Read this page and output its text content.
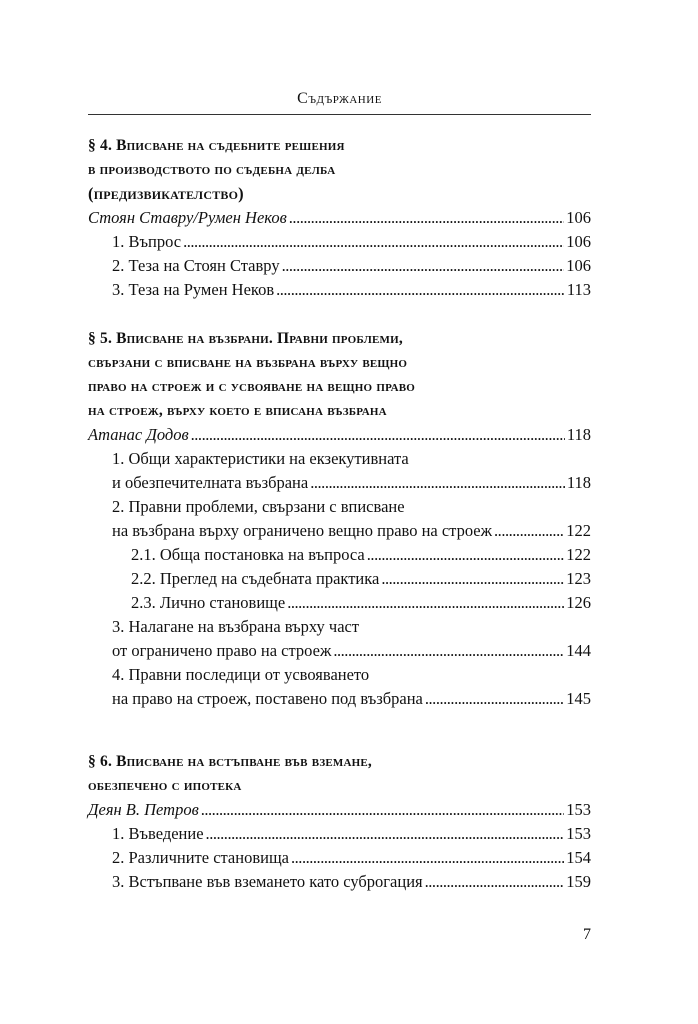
Съдържание
§ 4. Вписване на съдебните решения
в производството по съдебна делба
(предизвикателство)
Стоян Ставру/Румен Неков . . .	106
1. Въпрос . . .	106
2. Теза на Стоян Ставру . . .	106
3. Теза на Румен Неков . . .	113
§ 5. Вписване на възбрани. Правни проблеми,
свързани с вписване на възбрана върху вещно
право на строеж и с усвояване на вещно право
на строеж, върху което е вписана възбрана
Атанас Додов . . .	118
1. Общи характеристики на екзекутивната
и обезпечителната възбрана . . .	118
2. Правни проблеми, свързани с вписване
на възбрана върху ограничено вещно право на строеж . . .	122
2.1. Обща постановка на въпроса . . .	122
2.2. Преглед на съдебната практика . . .	123
2.3. Лично становище . . .	126
3. Налагане на възбрана върху част
от ограничено право на строеж . . .	144
4. Правни последици от усвояването
на право на строеж, поставено под възбрана . . .	145
§ 6. Вписване на встъпване във вземане,
обезпечено с ипотека
Деян В. Петров . . .	153
1. Въведение . . .	153
2. Различните становища . . .	154
3. Встъпване във вземането като суброгация . . .	159
7
